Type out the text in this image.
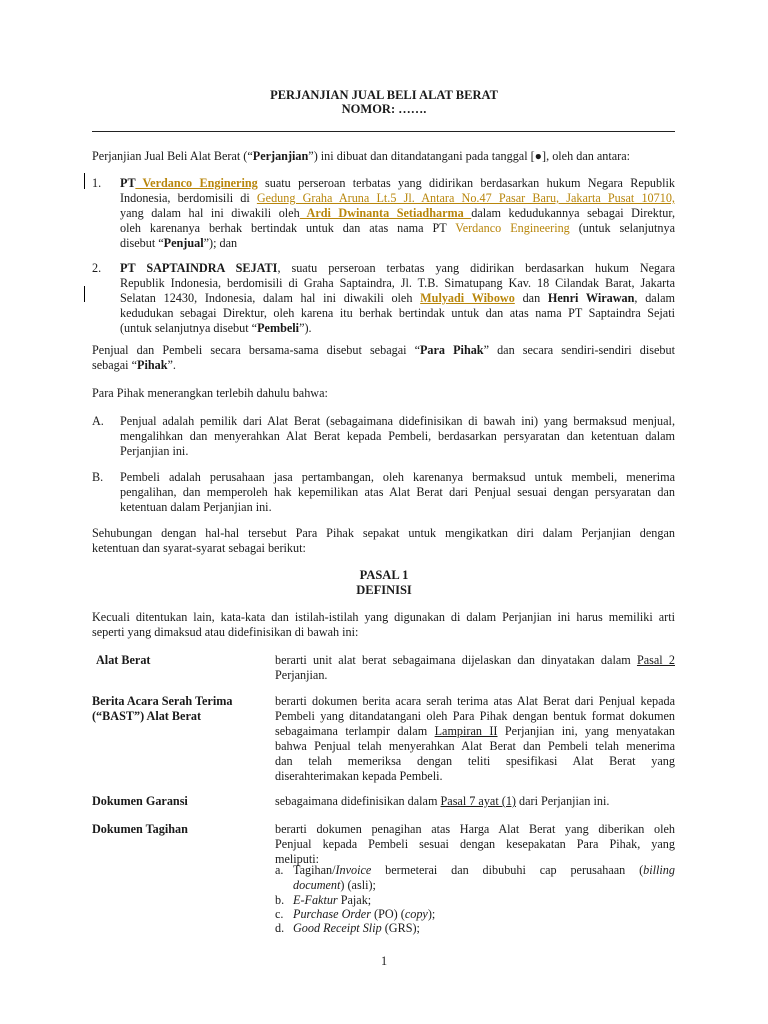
PERJANJIAN JUAL BELI ALAT BERAT
NOMOR: …….
Perjanjian Jual Beli Alat Berat (“Perjanjian”) ini dibuat dan ditandatangani pada tanggal [●], oleh dan antara:
1. PT Verdanco Enginering suatu perseroan terbatas yang didirikan berdasarkan hukum Negara Republik
Indonesia, berdomisili di Gedung Graha Aruna Lt.5 Jl. Antara No.47 Pasar Baru, Jakarta Pusat 10710,
yang dalam hal ini diwakili oleh Ardi Dwinanta Setiadharma dalam kedudukannya sebagai Direktur,
oleh karenanya berhak bertindak untuk dan atas nama PT Verdanco Engineering (untuk selanjutnya
disebut “Penjual”); dan
2. PT SAPTAINDRA SEJATI, suatu perseroan terbatas yang didirikan berdasarkan hukum Negara
Republik Indonesia, berdomisili di Graha Saptaindra, Jl. T.B. Simatupang Kav. 18 Cilandak Barat, Jakarta
Selatan 12430, Indonesia, dalam hal ini diwakili oleh Mulyadi Wibowo dan Henri Wirawan, dalam
kedudukan sebagai Direktur, oleh karena itu berhak bertindak untuk dan atas nama PT Saptaindra Sejati
(untuk selanjutnya disebut “Pembeli”).
Penjual dan Pembeli secara bersama-sama disebut sebagai “Para Pihak” dan secara sendiri-sendiri disebut
sebagai “Pihak”.
Para Pihak menerangkan terlebih dahulu bahwa:
A. Penjual adalah pemilik dari Alat Berat (sebagaimana didefinisikan di bawah ini) yang bermaksud menjual,
mengalihkan dan menyerahkan Alat Berat kepada Pembeli, berdasarkan persyaratan dan ketentuan dalam
Perjanjian ini.
B. Pembeli adalah perusahaan jasa pertambangan, oleh karenanya bermaksud untuk membeli, menerima
pengalihan, dan memperoleh hak kepemilikan atas Alat Berat dari Penjual sesuai dengan persyaratan dan
ketentuan dalam Perjanjian ini.
Sehubungan dengan hal-hal tersebut Para Pihak sepakat untuk mengikatkan diri dalam Perjanjian dengan
ketentuan dan syarat-syarat sebagai berikut:
PASAL 1
DEFINISI
Kecuali ditentukan lain, kata-kata dan istilah-istilah yang digunakan di dalam Perjanjian ini harus memiliki arti
seperti yang dimaksud atau didefinisikan di bawah ini:
Alat Berat	berarti unit alat berat sebagaimana dijelaskan dan dinyatakan dalam Pasal 2
Perjanjian.
Berita Acara Serah Terima
(“BAST”) Alat Berat
berarti dokumen berita acara serah terima atas Alat Berat dari Penjual kepada
Pembeli yang ditandatangani oleh Para Pihak dengan bentuk format dokumen
sebagaimana terlampir dalam Lampiran II Perjanjian ini, yang menyatakan
bahwa Penjual telah menyerahkan Alat Berat dan Pembeli telah menerima
dan telah memeriksa dengan teliti spesifikasi Alat Berat yang
diserahterimakan kepada Pembeli.
Dokumen Garansi	sebagaimana didefinisikan dalam Pasal 7 ayat (1) dari Perjanjian ini.
Dokumen Tagihan	berarti dokumen penagihan atas Harga Alat Berat yang diberikan oleh
Penjual kepada Pembeli sesuai dengan kesepakatan Para Pihak, yang
meliputi:
a. Tagihan/Invoice bermeterai dan dibubuhi cap perusahaan (billing
document) (asli);
b. E-Faktur Pajak;
c. Purchase Order (PO) (copy);
d. Good Receipt Slip (GRS);
1
